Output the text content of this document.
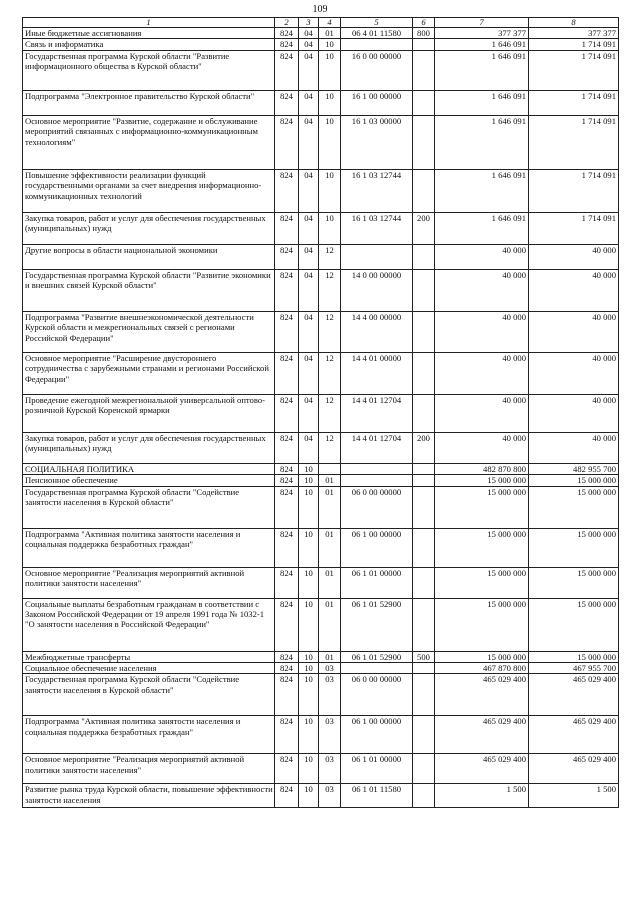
109
1	2	3	4	5	6	7	8
Иные бюджетные ассигнования	824	04	01	06 4 01 11580	800	377 377	377 377
Связь и информатика	824	04	10			1 646 091	1 714 091
Государственная программа Курской области "Развитие информационного общества в Курской области"	824	04	10	16 0 00 00000		1 646 091	1 714 091
Подпрограмма "Электронное правительство Курской области"	824	04	10	16 1 00 00000		1 646 091	1 714 091
Основное мероприятие "Развитие, содержание и обслуживание мероприятий связанных с информационно-коммуникационным технологиям"	824	04	10	16 1 03 00000		1 646 091	1 714 091
Повышение эффективности реализации функций государственными органами за счет внедрения информационно-коммуникационных технологий	824	04	10	16 1 03 12744		1 646 091	1 714 091
Закупка товаров, работ и услуг для обеспечения государственных (муниципальных) нужд	824	04	10	16 1 03 12744	200	1 646 091	1 714 091
Другие вопросы в области национальной экономики	824	04	12			40 000	40 000
Государственная программа Курской области "Развитие экономики и внешних связей Курской области"	824	04	12	14 0 00 00000		40 000	40 000
Подпрограмма "Развитие внешнеэкономической деятельности Курской области и межрегиональных связей с регионами Российской Федерации"	824	04	12	14 4 00 00000		40 000	40 000
Основное мероприятие "Расширение двустороннего сотрудничества с зарубежными странами и регионами Российской Федерации"	824	04	12	14 4 01 00000		40 000	40 000
Проведение ежегодной межрегиональной универсальной оптово-розничной Курской Коренской ярмарки	824	04	12	14 4 01 12704		40 000	40 000
Закупка товаров, работ и услуг для обеспечения государственных (муниципальных) нужд	824	04	12	14 4 01 12704	200	40 000	40 000
СОЦИАЛЬНАЯ ПОЛИТИКА	824	10				482 870 800	482 955 700
Пенсионное обеспечение	824	10	01			15 000 000	15 000 000
Государственная программа Курской области "Содействие занятости населения в Курской области"	824	10	01	06 0 00 00000		15 000 000	15 000 000
Подпрограмма "Активная политика занятости населения и социальная поддержка безработных граждан"	824	10	01	06 1 00 00000		15 000 000	15 000 000
Основное мероприятие "Реализация мероприятий активной политики занятости населения"	824	10	01	06 1 01 00000		15 000 000	15 000 000
Социальные выплаты безработным гражданам в соответствии с Законом Российской Федерации от 19 апреля 1991 года № 1032-1 "О занятости населения в Российской Федерации"	824	10	01	06 1 01 52900		15 000 000	15 000 000
Межбюджетные трансферты	824	10	01	06 1 01 52900	500	15 000 000	15 000 000
Социальное обеспечение населения	824	10	03			467 870 800	467 955 700
Государственная программа Курской области "Содействие занятости населения в Курской области"	824	10	03	06 0 00 00000		465 029 400	465 029 400
Подпрограмма "Активная политика занятости населения и социальная поддержка безработных граждан"	824	10	03	06 1 00 00000		465 029 400	465 029 400
Основное мероприятие "Реализация мероприятий активной политики занятости населения"	824	10	03	06 1 01 00000		465 029 400	465 029 400
Развитие рынка труда Курской области, повышение эффективности занятости населения	824	10	03	06 1 01 11580		1 500	1 500
